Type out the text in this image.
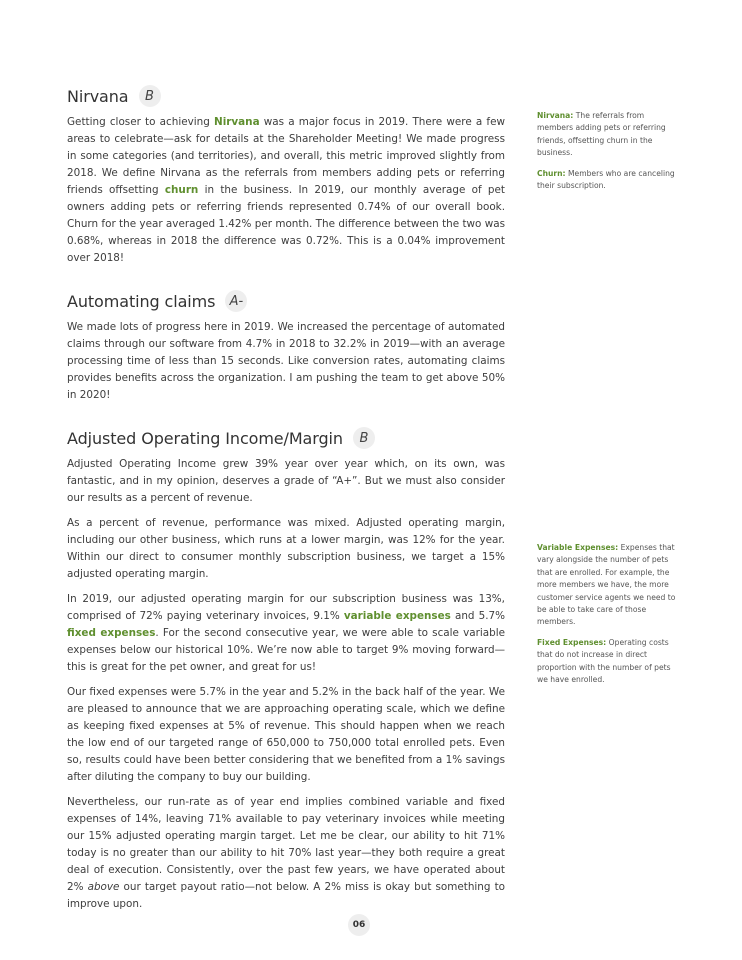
Nirvana	B

Getting closer to achieving Nirvana was a major focus in 2019. There were a few areas to celebrate—ask for details at the Shareholder Meeting! We made progress in some categories (and territories), and overall, this metric improved slightly from 2018. We define Nirvana as the referrals from members adding pets or referring friends offsetting churn in the business. In 2019, our monthly average of pet owners adding pets or referring friends represented 0.74% of our overall book. Churn for the year averaged 1.42% per month. The difference between the two was 0.68%, whereas in 2018 the difference was 0.72%. This is a 0.04% improvement over 2018!

Automating claims	A-

We made lots of progress here in 2019. We increased the percentage of automated claims through our software from 4.7% in 2018 to 32.2% in 2019—with an average processing time of less than 15 seconds. Like conversion rates, automating claims provides benefits across the organization. I am pushing the team to get above 50% in 2020!

Adjusted Operating Income/Margin	B

Adjusted Operating Income grew 39% year over year which, on its own, was fantastic, and in my opinion, deserves a grade of “A+”. But we must also consider our results as a percent of revenue.

As a percent of revenue, performance was mixed. Adjusted operating margin, including our other business, which runs at a lower margin, was 12% for the year. Within our direct to consumer monthly subscription business, we target a 15% adjusted operating margin.

In 2019, our adjusted operating margin for our subscription business was 13%, comprised of 72% paying veterinary invoices, 9.1% variable expenses and 5.7% fixed expenses. For the second consecutive year, we were able to scale variable expenses below our historical 10%. We’re now able to target 9% moving forward—this is great for the pet owner, and great for us!

Our fixed expenses were 5.7% in the year and 5.2% in the back half of the year. We are pleased to announce that we are approaching operating scale, which we define as keeping fixed expenses at 5% of revenue. This should happen when we reach the low end of our targeted range of 650,000 to 750,000 total enrolled pets. Even so, results could have been better considering that we benefited from a 1% savings after diluting the company to buy our building.

Nevertheless, our run-rate as of year end implies combined variable and fixed expenses of 14%, leaving 71% available to pay veterinary invoices while meeting our 15% adjusted operating margin target. Let me be clear, our ability to hit 71% today is no greater than our ability to hit 70% last year—they both require a great deal of execution. Consistently, over the past few years, we have operated about 2% above our target payout ratio—not below. A 2% miss is okay but something to improve upon.

Nirvana: The referrals from members adding pets or referring friends, offsetting churn in the business.

Churn: Members who are canceling their subscription.

Variable Expenses: Expenses that vary alongside the number of pets that are enrolled. For example, the more members we have, the more customer service agents we need to be able to take care of those members.

Fixed Expenses: Operating costs that do not increase in direct proportion with the number of pets we have enrolled.

06
